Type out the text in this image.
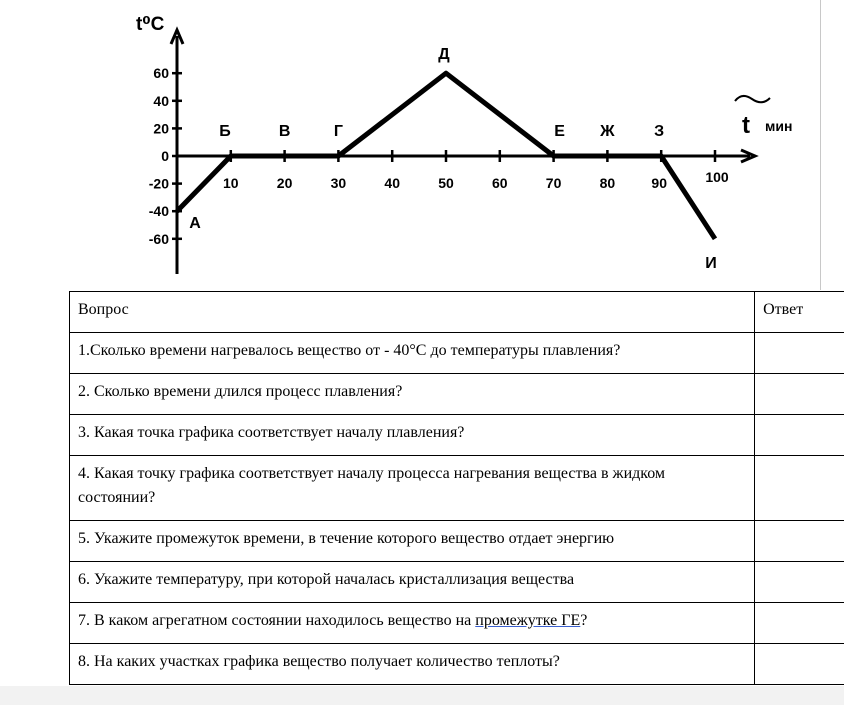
60
40
20
0
-20
-40
-60
10	20	30	40	50	60	70	80	90	100
t⁰С
t мин
А
Б	В	Г
Д
Е Ж З
И
Вопрос	Ответ
1.Сколько времени нагревалось вещество от - 40°С до температуры плавления?	
2. Сколько времени длился процесс плавления?	
3. Какая точка графика соответствует началу плавления?	
4. Какая точку графика соответствует началу процесса нагревания вещества в жидком состоянии?	
5. Укажите промежуток времени, в течение которого вещество отдает энергию	
6. Укажите температуру, при которой началась кристаллизация вещества	
7. В каком агрегатном состоянии находилось вещество на промежутке ГЕ?	
8. На каких участках графика вещество получает количество теплоты?	
